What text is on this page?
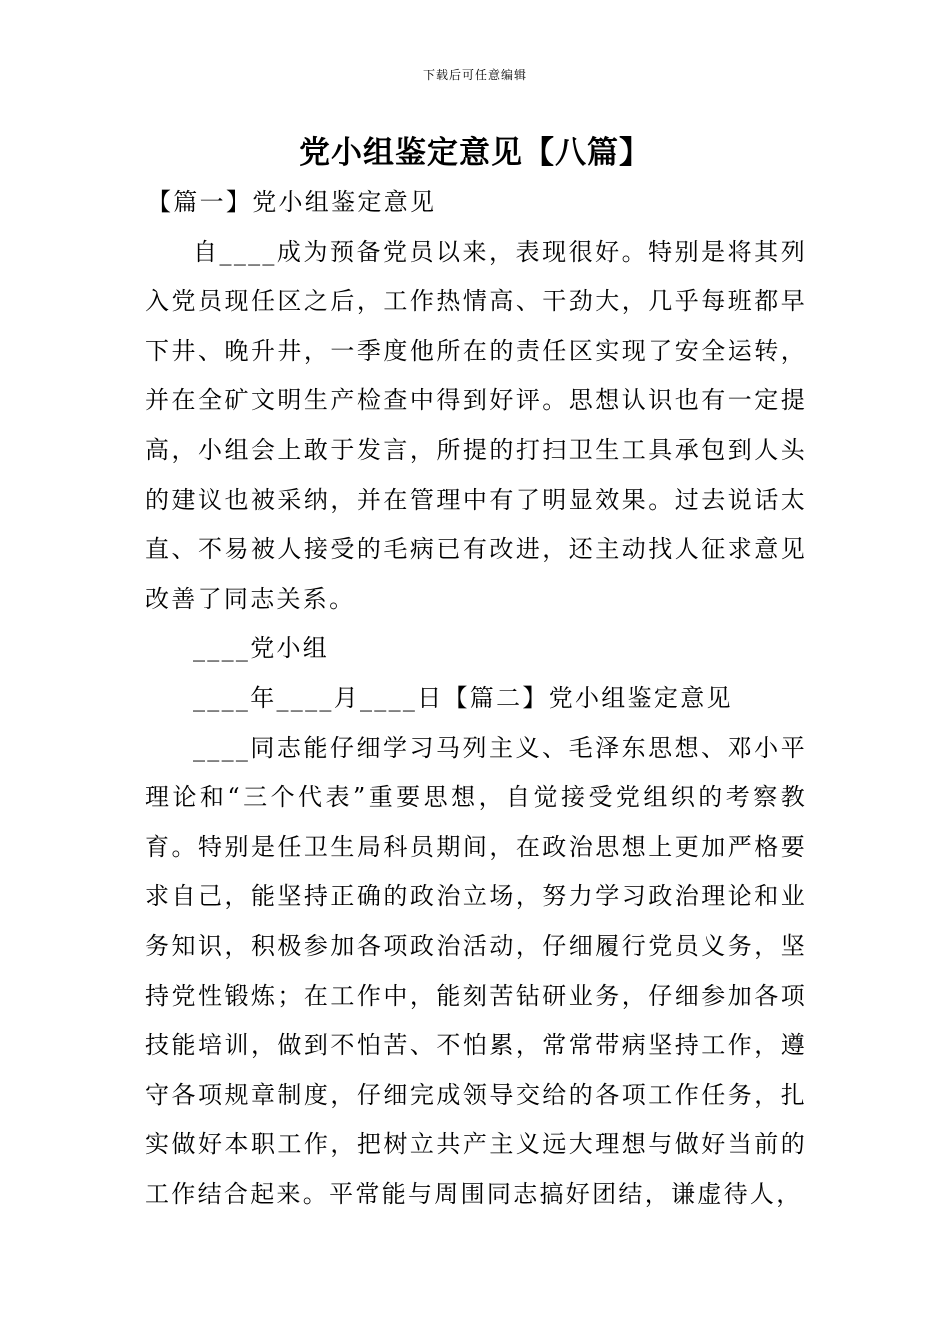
下载后可任意编辑
党小组鉴定意见【八篇】

【篇一】党小组鉴定意见

自____成为预备党员以来，表现很好。特别是将其列入党员现任区之后，工作热情高、干劲大，几乎每班都早下井、晚升井，一季度他所在的责任区实现了安全运转，并在全矿文明生产检查中得到好评。思想认识也有一定提高，小组会上敢于发言，所提的打扫卫生工具承包到人头的建议也被采纳，并在管理中有了明显效果。过去说话太直、不易被人接受的毛病已有改进，还主动找人征求意见改善了同志关系。

____党小组

____年____月____日【篇二】党小组鉴定意见

____同志能仔细学习马列主义、毛泽东思想、邓小平理论和“三个代表”重要思想，自觉接受党组织的考察教育。特别是任卫生局科员期间，在政治思想上更加严格要求自己，能坚持正确的政治立场，努力学习政治理论和业务知识，积极参加各项政治活动，仔细履行党员义务，坚持党性锻炼；在工作中，能刻苦钻研业务，仔细参加各项技能培训，做到不怕苦、不怕累，常常带病坚持工作，遵守各项规章制度，仔细完成领导交给的各项工作任务，扎实做好本职工作，把树立共产主义远大理想与做好当前的工作结合起来。平常能与周围同志搞好团结，谦虚待人，
